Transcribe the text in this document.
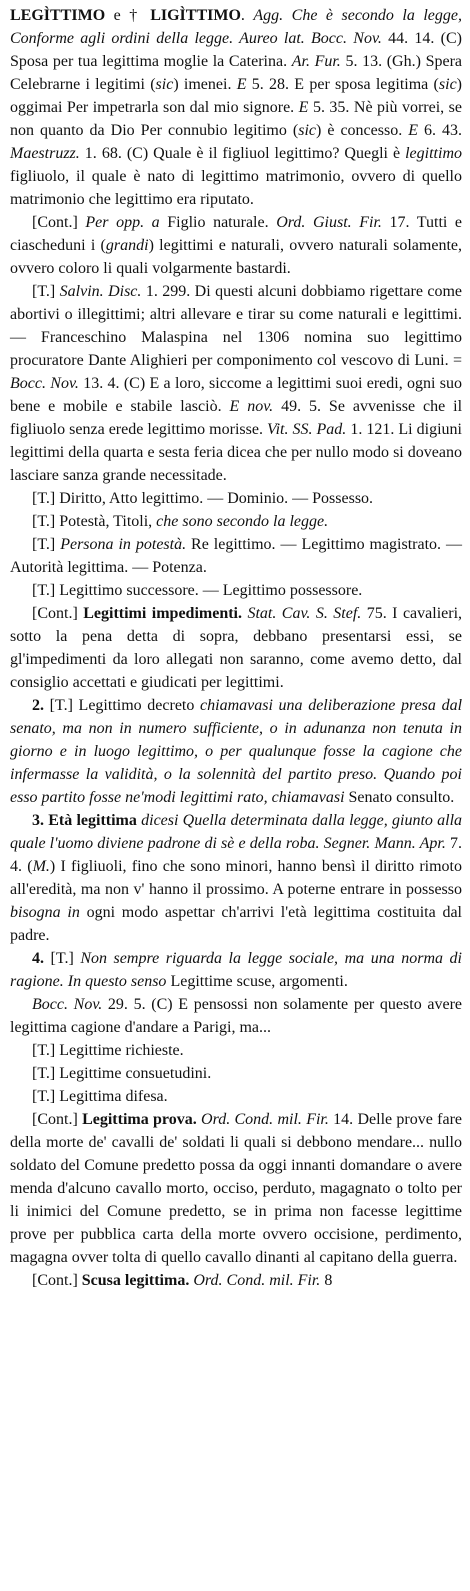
LEGÌTTIMO e † LIGÌTTIMO. Agg. Che è secondo la legge, Conforme agli ordini della legge. Aureo lat. Bocc. Nov. 44. 14. (C) Sposa per tua legittima moglie la Caterina. Ar. Fur. 5. 13. (Gh.) Spera Celebrarne i legitimi (sic) imenei. E 5. 28. E per sposa legitima (sic) oggimai Per impetrarla son dal mio signore. E 5. 35. Nè più vorrei, se non quanto da Dio Per connubio legitimo (sic) è concesso. E 6. 43. Maestruzz. 1. 68. (C) Quale è il figliuol legittimo? Quegli è legittimo figliuolo, il quale è nato di legittimo matrimonio, ovvero di quello matrimonio che legittimo era riputato.

[Cont.] Per opp. a Figlio naturale. Ord. Giust. Fir. 17. Tutti e ciascheduni i (grandi) legittimi e naturali, ovvero naturali solamente, ovvero coloro li quali volgarmente bastardi.

[T.] Salvin. Disc. 1. 299. Di questi alcuni dobbiamo rigettare come abortivi o illegittimi; altri allevare e tirar su come naturali e legittimi. — Franceschino Malaspina nel 1306 nomina suo legittimo procuratore Dante Alighieri per componimento col vescovo di Luni. = Bocc. Nov. 13. 4. (C) E a loro, siccome a legittimi suoi eredi, ogni suo bene e mobile e stabile lasciò. E nov. 49. 5. Se avvenisse che il figliuolo senza erede legittimo morisse. Vit. SS. Pad. 1. 121. Li digiuni legittimi della quarta e sesta feria dicea che per nullo modo si doveano lasciare sanza grande necessitade.

[T.] Diritto, Atto legittimo. — Dominio. — Possesso.

[T.] Potestà, Titoli, che sono secondo la legge.

[T.] Persona in potestà. Re legittimo. — Legittimo magistrato. — Autorità legittima. — Potenza.

[T.] Legittimo successore. — Legittimo possessore.

[Cont.] Legittimi impedimenti. Stat. Cav. S. Stef. 75. I cavalieri, sotto la pena detta di sopra, debbano presentarsi essi, se gl'impedimenti da loro allegati non saranno, come avemo detto, dal consiglio accettati e giudicati per legittimi.

2. [T.] Legittimo decreto chiamavasi una deliberazione presa dal senato, ma non in numero sufficiente, o in adunanza non tenuta in giorno e in luogo legittimo, o per qualunque fosse la cagione che infermasse la validità, o la solennità del partito preso. Quando poi esso partito fosse ne'modi legittimi rato, chiamavasi Senato consulto.

3. Età legittima dicesi Quella determinata dalla legge, giunto alla quale l'uomo diviene padrone di sè e della roba. Segner. Mann. Apr. 7. 4. (M.) I figliuoli, fino che sono minori, hanno bensì il diritto rimoto all'eredità, ma non v' hanno il prossimo. A poterne entrare in possesso bisogna in ogni modo aspettar ch'arrivi l'età legittima costituita dal padre.

4. [T.] Non sempre riguarda la legge sociale, ma una norma di ragione. In questo senso Legittime scuse, argomenti.

Bocc. Nov. 29. 5. (C) E pensossi non solamente per questo avere legittima cagione d'andare a Parigi, ma...

[T.] Legittime richieste.

[T.] Legittime consuetudini.

[T.] Legittima difesa.

[Cont.] Legittima prova. Ord. Cond. mil. Fir. 14. Delle prove fare della morte de' cavalli de' soldati li quali si debbono mendare... nullo soldato del Comune predetto possa da oggi innanti domandare o avere menda d'alcuno cavallo morto, occiso, perduto, magagnato o tolto per li inimici del Comune predetto, se in prima non facesse legittime prove per pubblica carta della morte ovvero occisione, perdimento, magagna ovver tolta di quello cavallo dinanti al capitano della guerra.

[Cont.] Scusa legittima. Ord. Cond. mil. Fir. 8
